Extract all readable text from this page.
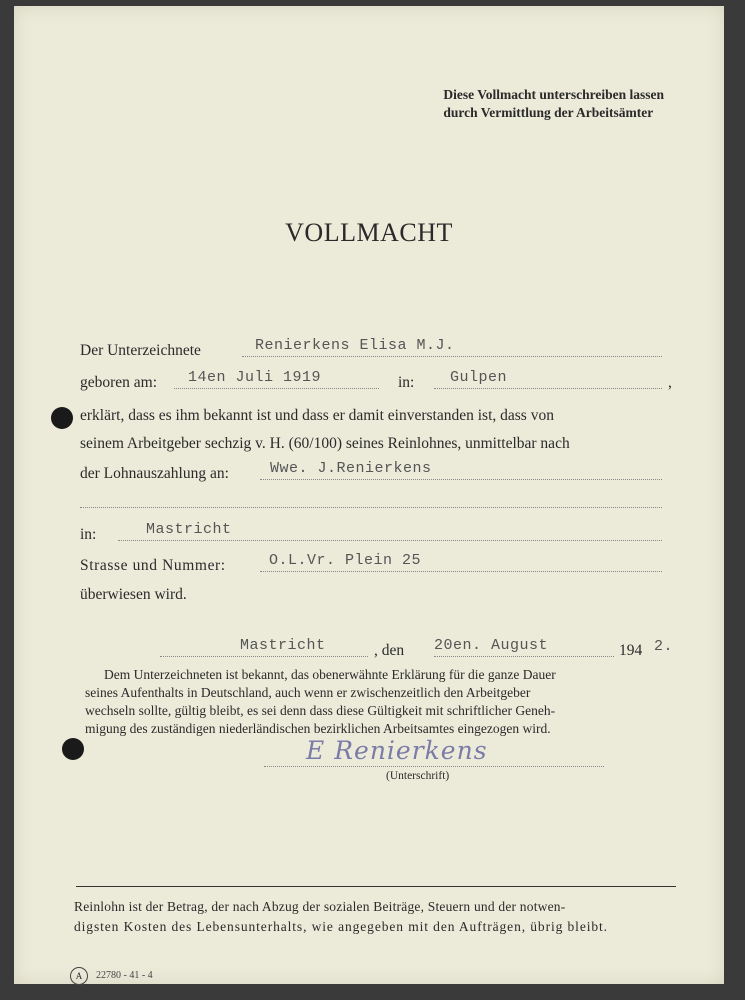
Diese Vollmacht unterschreiben lassen
durch Vermittlung der Arbeitsämter
VOLLMACHT
Der Unterzeichnete	Renierkens Elisa M.J.
geboren am: 14en Juli 1919	in: Gulpen	,
erklärt, dass es ihm bekannt ist und dass er damit einverstanden ist, dass von
seinem Arbeitgeber sechzig v. H. (60/100) seines Reinlohnes, unmittelbar nach
der Lohnauszahlung an:	Wwe. J.Renierkens
in:	Mastricht
Strasse und Nummer:	O.L.Vr. Plein 25
überwiesen wird.
Mastricht	, den 20en. August	194 2.
Dem Unterzeichneten ist bekannt, das obenerwähnte Erklärung für die ganze Dauer
seines Aufenthalts in Deutschland, auch wenn er zwischenzeitlich den Arbeitgeber
wechseln sollte, gültig bleibt, es sei denn dass diese Gültigkeit mit schriftlicher Geneh-
migung des zuständigen niederländischen bezirklichen Arbeitsamtes eingezogen wird.
E Renierkens
(Unterschrift)
Reinlohn ist der Betrag, der nach Abzug der sozialen Beiträge, Steuern und der notwen-
digsten Kosten des Lebensunterhalts, wie angegeben mit den Aufträgen, übrig bleibt.
A	22780 - 41 - 4
